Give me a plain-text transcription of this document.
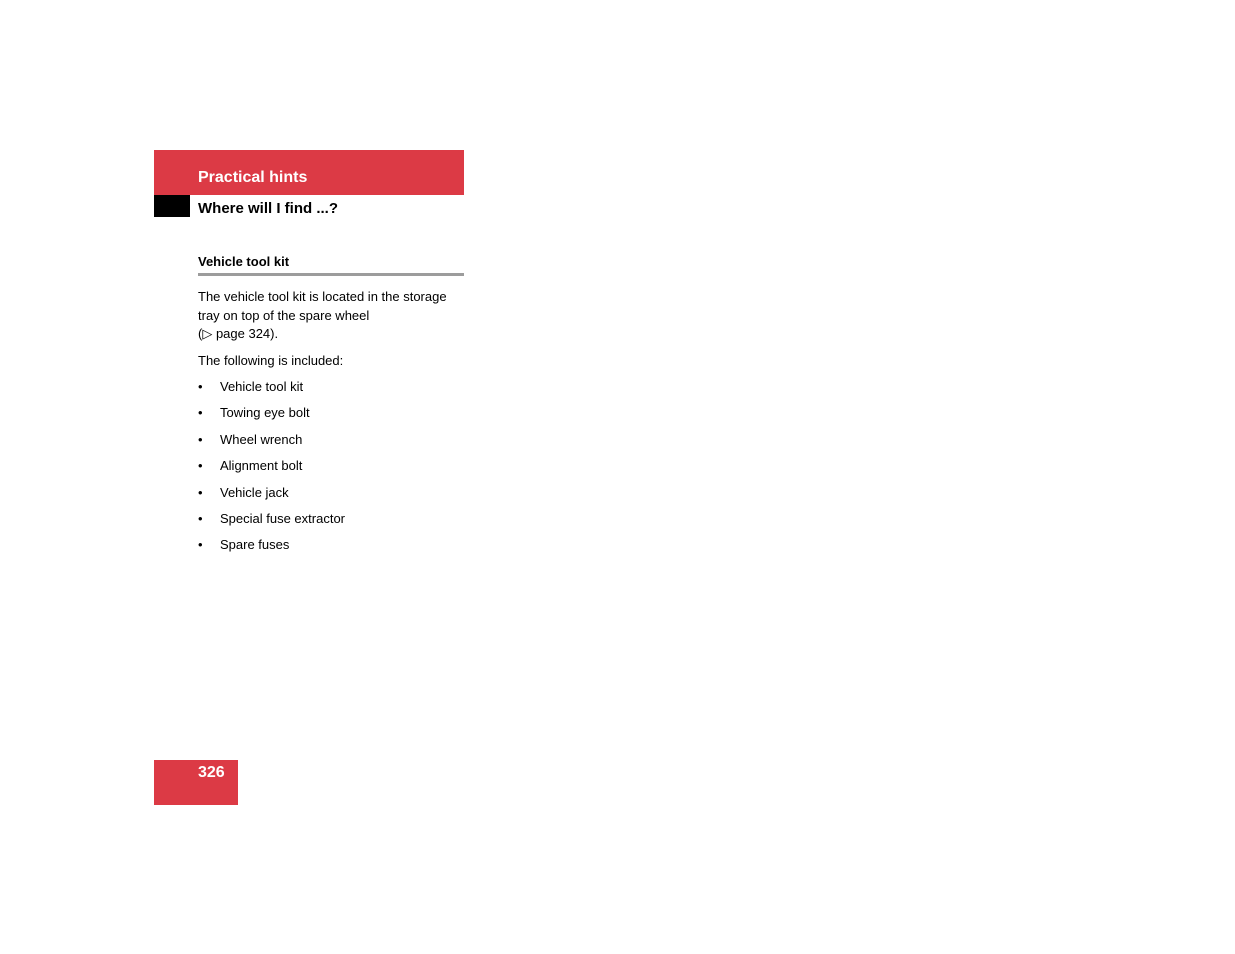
Practical hints
Where will I find ...?
Vehicle tool kit
The vehicle tool kit is located in the storage tray on top of the spare wheel
(▷ page 324).
The following is included:
• Vehicle tool kit
• Towing eye bolt
• Wheel wrench
• Alignment bolt
• Vehicle jack
• Special fuse extractor
• Spare fuses
326
